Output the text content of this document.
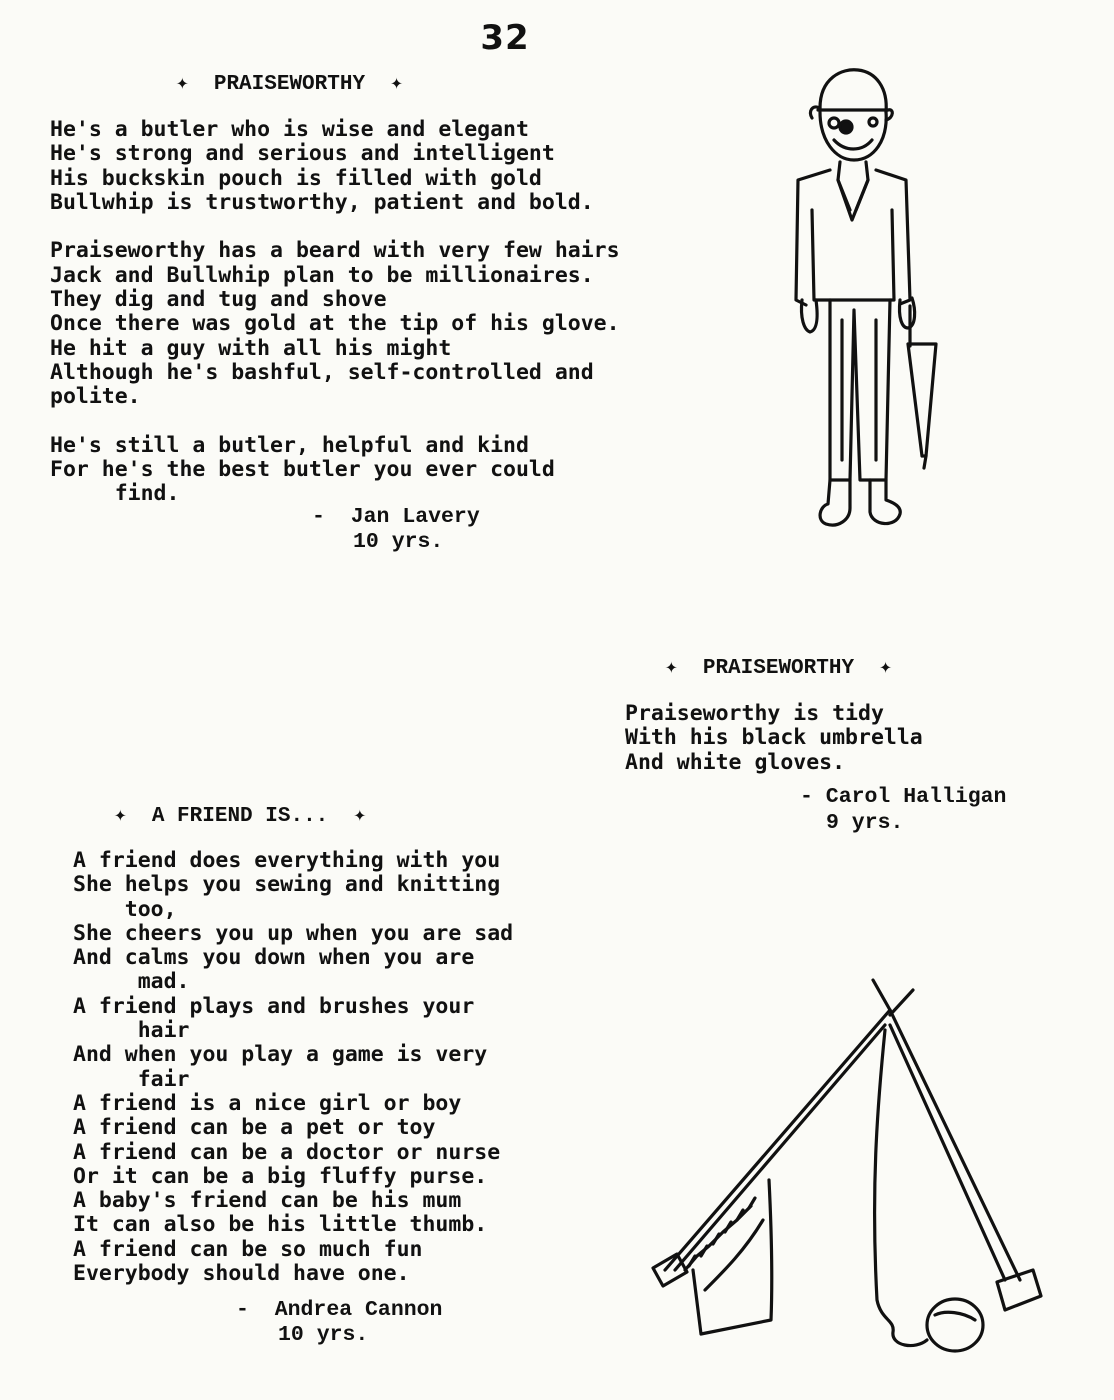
32
✦  PRAISEWORTHY  ✦
He's a butler who is wise and elegant
He's strong and serious and intelligent
His buckskin pouch is filled with gold
Bullwhip is trustworthy, patient and bold.

Praiseworthy has a beard with very few hairs
Jack and Bullwhip plan to be millionaires.
They dig and tug and shove
Once there was gold at the tip of his glove.
He hit a guy with all his might
Although he's bashful, self-controlled and
polite.

He's still a butler, helpful and kind
For he's the best butler you ever could
find.
-  Jan Lavery
10 yrs.
✦  PRAISEWORTHY  ✦
Praiseworthy is tidy
With his black umbrella
And white gloves.
- Carol Halligan
9 yrs.
✦  A FRIEND IS...  ✦
A friend does everything with you
She helps you sewing and knitting
too,
She cheers you up when you are sad
And calms you down when you are
mad.
A friend plays and brushes your
hair
And when you play a game is very
fair
A friend is a nice girl or boy
A friend can be a pet or toy
A friend can be a doctor or nurse
Or it can be a big fluffy purse.
A baby's friend can be his mum
It can also be his little thumb.
A friend can be so much fun
Everybody should have one.
-  Andrea Cannon
10 yrs.
